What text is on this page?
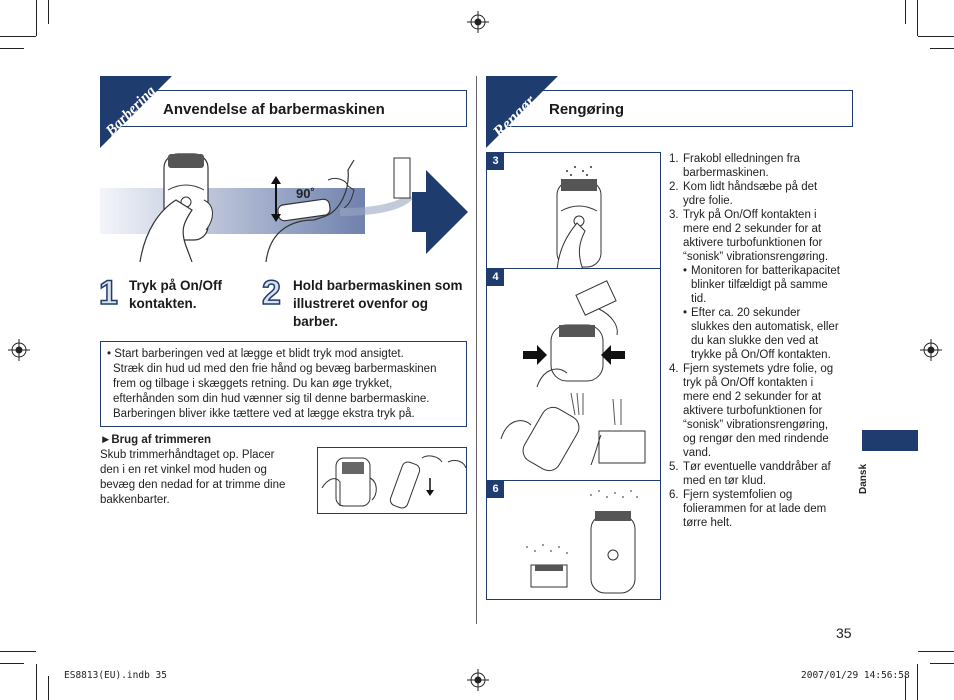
Barbering Anvendelse af barbermaskinen
90˚
1 Tryk på On/Off kontakten.	2 Hold barbermaskinen som illustreret ovenfor og barber.
• Start barberingen ved at lægge et blidt tryk mod ansigtet.
Stræk din hud ud med den frie hånd og bevæg barbermaskinen
frem og tilbage i skæggets retning. Du kan øge trykket,
efterhånden som din hud vænner sig til denne barbermaskine.
Barberingen bliver ikke tættere ved at lægge ekstra tryk på.
►Brug af trimmeren
Skub trimmerhåndtaget op. Placer
den i en ret vinkel mod huden og
bevæg den nedad for at trimme dine
bakkenbarter.
Rengør Rengøring
3
4
6
1. Frakobl elledningen fra
barbermaskinen.
2. Kom lidt håndsæbe på det
ydre folie.
3. Tryk på On/Off kontakten i
mere end 2 sekunder for at
aktivere turbofunktionen for
“sonisk” vibrationsrengøring.
• Monitoren for batterikapacitet
blinker tilfældigt på samme
tid.
• Efter ca. 20 sekunder
slukkes den automatisk, eller
du kan slukke den ved at
trykke på On/Off kontakten.
4. Fjern systemets ydre folie, og
tryk på On/Off kontakten i
mere end 2 sekunder for at
aktivere turbofunktionen for
“sonisk” vibrationsrengøring,
og rengør den med rindende
vand.
5. Tør eventuelle vanddråber af
med en tør klud.
6. Fjern systemfolien og
folierammen for at lade dem
tørre helt.
Dansk
35
ES8813(EU).indb 35	2007/01/29 14:56:58
